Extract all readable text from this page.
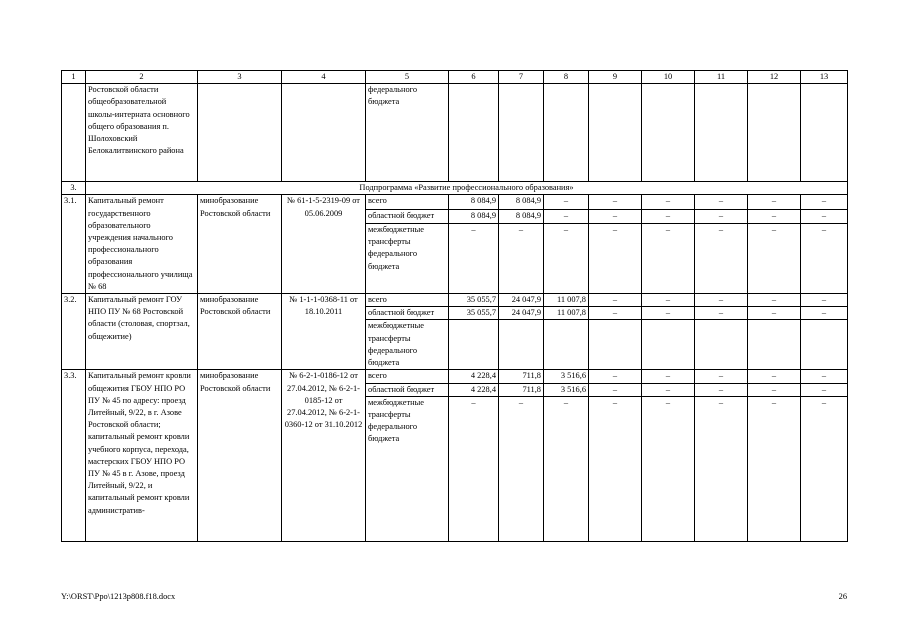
1	2	3	4	5	6	7	8	9	10	11	12	13
	Ростовской области общеобразовательной школы-интерната основного общего образования п. Шолоховский Белокалитвинского района			федерального бюджета								
3.	Подпрограмма «Развитие профессионального образования»											
3.1.	Капитальный ремонт государственного образовательного учреждения начального профессионального образования профессионального училища № 68	минобразование Ростовской области	№ 61-1-5-2319-09 от 05.06.2009	всего	8 084,9	8 084,9	–	–	–	–	–	–
				областной бюджет	8 084,9	8 084,9	–	–	–	–	–	–
				межбюджетные трансферты федерального бюджета	–	–	–	–	–	–	–	–
3.2.	Капитальный ремонт ГОУ НПО ПУ № 68 Ростовской области (столовая, спортзал, общежитие)	минобразование Ростовской области	№ 1-1-1-0368-11 от 18.10.2011	всего	35 055,7	24 047,9	11 007,8	–	–	–	–	–
				областной бюджет	35 055,7	24 047,9	11 007,8	–	–	–	–	–
				межбюджетные трансферты федерального бюджета								
3.3.	Капитальный ремонт кровли общежития ГБОУ НПО РО ПУ № 45 по адресу: проезд Литейный, 9/22, в г. Азове Ростовской области; капитальный ремонт кровли учебного корпуса, перехода, мастерских ГБОУ НПО РО ПУ № 45 в г. Азове, проезд Литейный, 9/22, и капитальный ремонт кровли административ-	минобразование Ростовской области	№ 6-2-1-0186-12 от 27.04.2012, № 6-2-1-0185-12 от 27.04.2012, № 6-2-1-0360-12 от 31.10.2012	всего	4 228,4	711,8	3 516,6	–	–	–	–	–
				областной бюджет	4 228,4	711,8	3 516,6	–	–	–	–	–
				межбюджетные трансферты федерального бюджета	–	–	–	–	–	–	–	–
Y:\ORST\Ppo\1213p808.f18.docx	26
